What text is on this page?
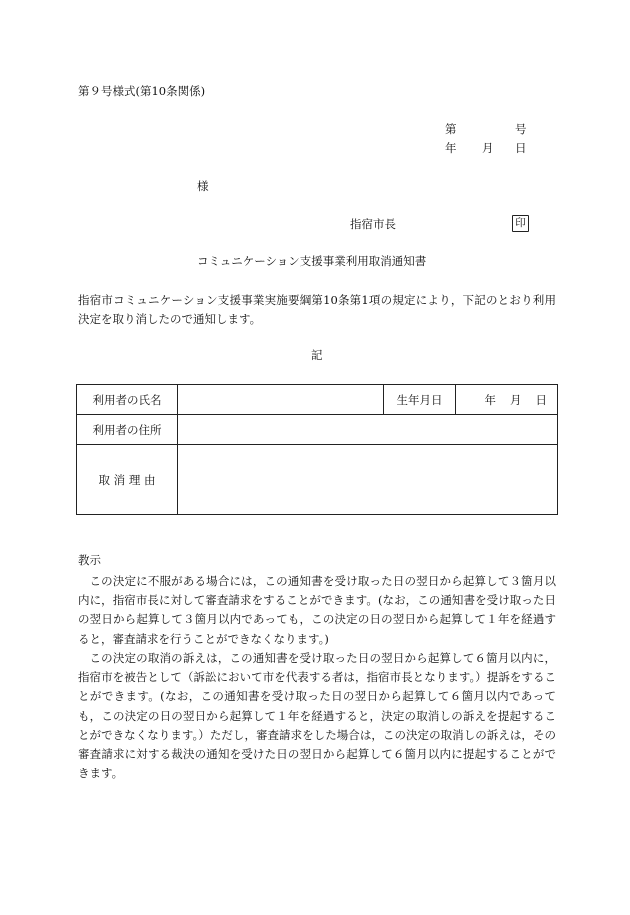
第９号様式(第10条関係)
第	号
年 月 日
様
指宿市長	印
コミュニケーション支援事業利用取消通知書
指宿市コミュニケーション支援事業実施要綱第10条第1項の規定により，下記のとおり利用決定を取り消したので通知します。
記
利用者の氏名		生年月日	年 月 日
利用者の住所			
取 消 理 由			
教示
この決定に不服がある場合には，この通知書を受け取った日の翌日から起算して３箇月以内に，指宿市長に対して審査請求をすることができます。(なお，この通知書を受け取った日の翌日から起算して３箇月以内であっても，この決定の日の翌日から起算して１年を経過すると，審査請求を行うことができなくなります。)
この決定の取消の訴えは，この通知書を受け取った日の翌日から起算して６箇月以内に，指宿市を被告として（訴訟において市を代表する者は，指宿市長となります。）提訴をすることができます。(なお，この通知書を受け取った日の翌日から起算して６箇月以内であっても，この決定の日の翌日から起算して１年を経過すると，決定の取消しの訴えを提起することができなくなります。）ただし，審査請求をした場合は，この決定の取消しの訴えは，その審査請求に対する裁決の通知を受けた日の翌日から起算して６箇月以内に提起することができます。
